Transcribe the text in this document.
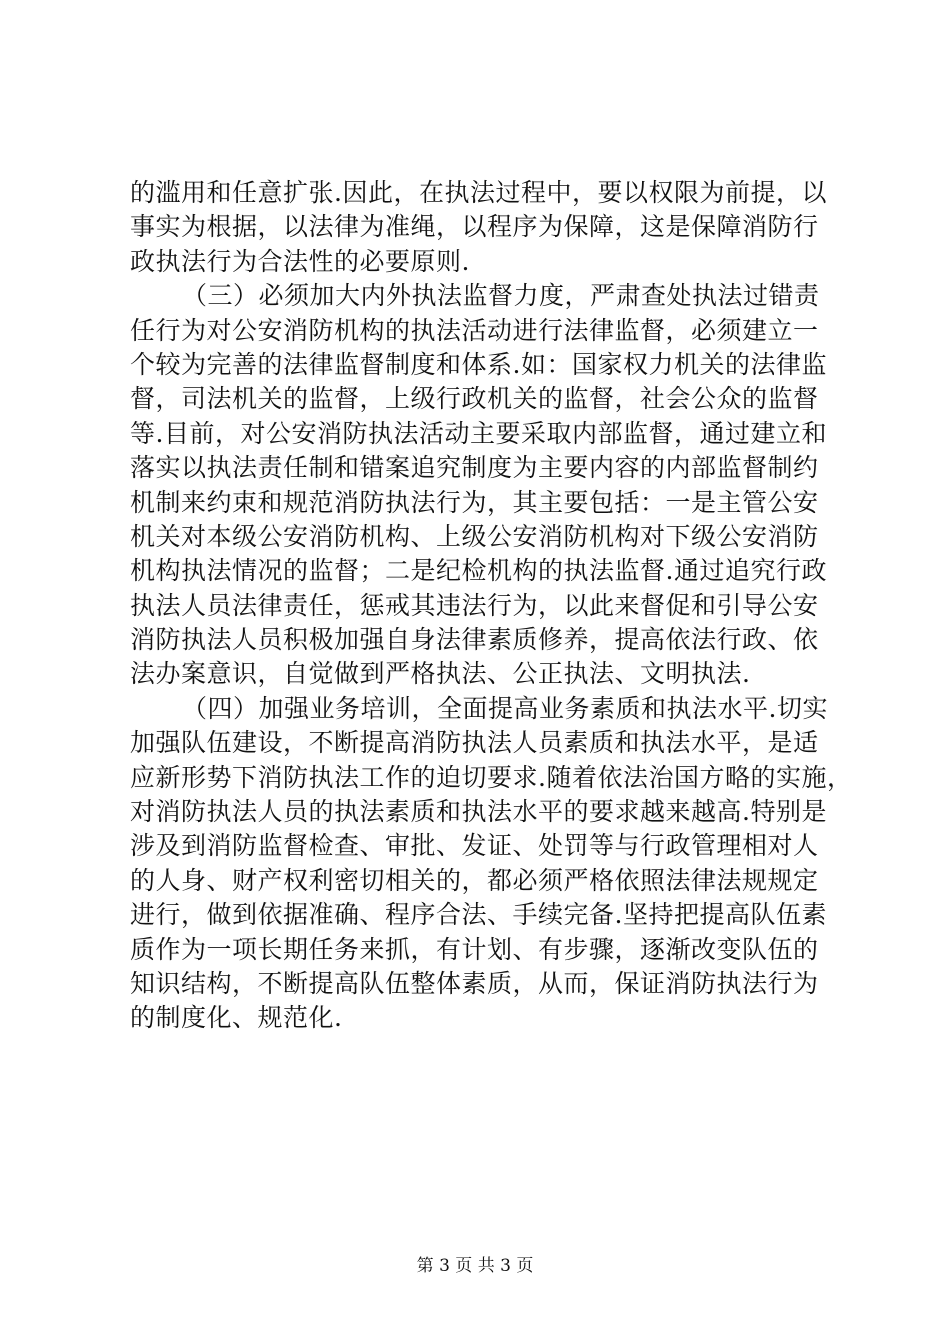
的滥用和任意扩张.因此，在执法过程中，要以权限为前提，以
事实为根据，以法律为准绳，以程序为保障，这是保障消防行
政执法行为合法性的必要原则.
（三）必须加大内外执法监督力度，严肃查处执法过错责
任行为对公安消防机构的执法活动进行法律监督，必须建立一
个较为完善的法律监督制度和体系.如：国家权力机关的法律监
督，司法机关的监督，上级行政机关的监督，社会公众的监督
等.目前，对公安消防执法活动主要采取内部监督，通过建立和
落实以执法责任制和错案追究制度为主要内容的内部监督制约
机制来约束和规范消防执法行为，其主要包括：一是主管公安
机关对本级公安消防机构、上级公安消防机构对下级公安消防
机构执法情况的监督；二是纪检机构的执法监督.通过追究行政
执法人员法律责任，惩戒其违法行为，以此来督促和引导公安
消防执法人员积极加强自身法律素质修养，提高依法行政、依
法办案意识，自觉做到严格执法、公正执法、文明执法.
（四）加强业务培训，全面提高业务素质和执法水平.切实
加强队伍建设，不断提高消防执法人员素质和执法水平，是适
应新形势下消防执法工作的迫切要求.随着依法治国方略的实施，
对消防执法人员的执法素质和执法水平的要求越来越高.特别是
涉及到消防监督检查、审批、发证、处罚等与行政管理相对人
的人身、财产权利密切相关的，都必须严格依照法律法规规定
进行，做到依据准确、程序合法、手续完备.坚持把提高队伍素
质作为一项长期任务来抓，有计划、有步骤，逐渐改变队伍的
知识结构，不断提高队伍整体素质，从而，保证消防执法行为
的制度化、规范化.
第 3 页 共 3 页
